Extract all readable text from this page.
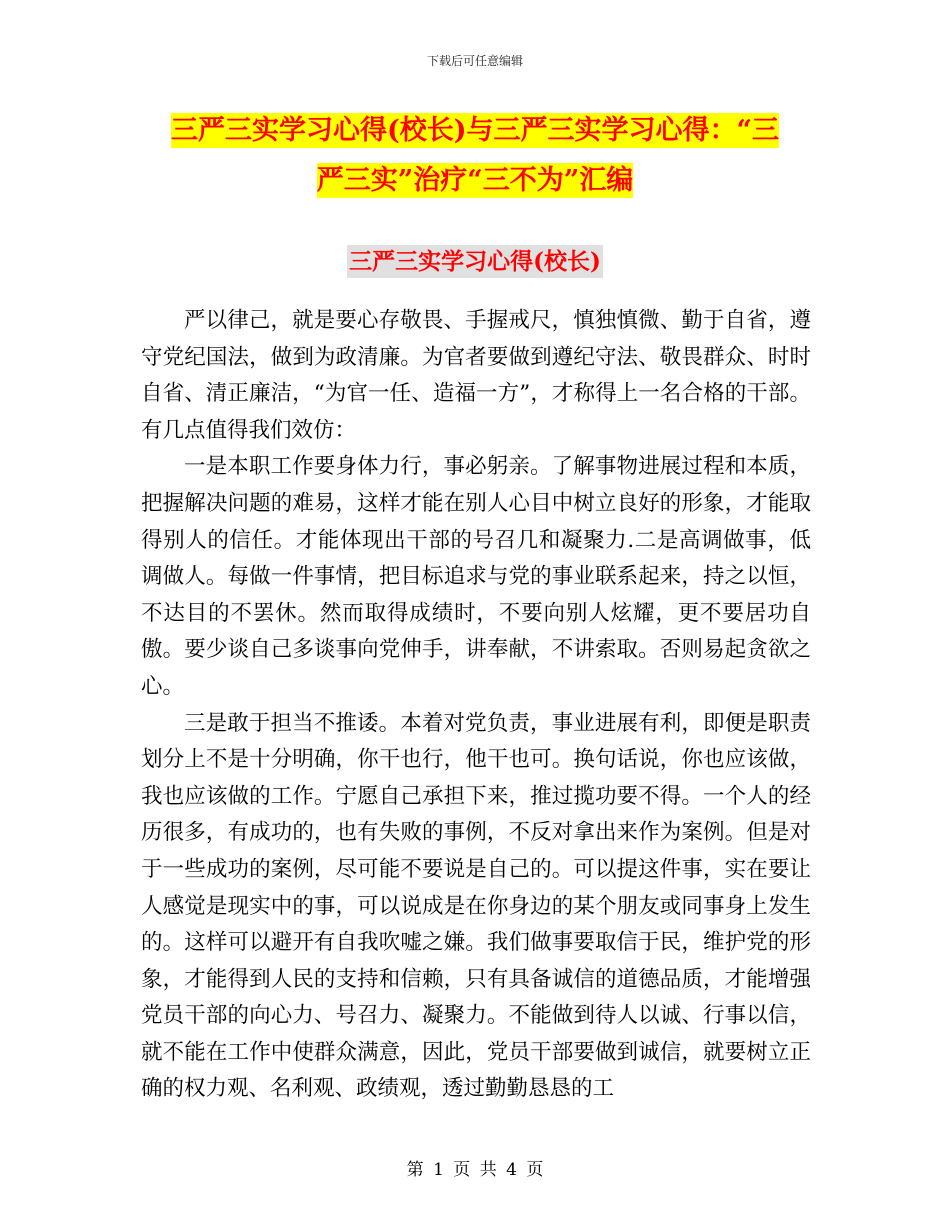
下载后可任意编辑
三严三实学习心得(校长)与三严三实学习心得：“三
严三实”治疗“三不为”汇编
三严三实学习心得(校长)

严以律己，就是要心存敬畏、手握戒尺，慎独慎微、勤于自省，遵守党纪国法，做到为政清廉。为官者要做到遵纪守法、敬畏群众、时时自省、清正廉洁，“为官一任、造福一方”，才称得上一名合格的干部。有几点值得我们效仿：

一是本职工作要身体力行，事必躬亲。了解事物进展过程和本质，把握解决问题的难易，这样才能在别人心目中树立良好的形象，才能取得别人的信任。才能体现出干部的号召几和凝聚力.二是高调做事，低调做人。每做一件事情，把目标追求与党的事业联系起来，持之以恒，不达目的不罢休。然而取得成绩时，不要向别人炫耀，更不要居功自傲。要少谈自己多谈事向党伸手，讲奉献，不讲索取。否则易起贪欲之心。

三是敢于担当不推诿。本着对党负责，事业进展有利，即便是职责划分上不是十分明确，你干也行，他干也可。换句话说，你也应该做，我也应该做的工作。宁愿自己承担下来，推过揽功要不得。一个人的经历很多，有成功的，也有失败的事例，不反对拿出来作为案例。但是对于一些成功的案例，尽可能不要说是自己的。可以提这件事，实在要让人感觉是现实中的事，可以说成是在你身边的某个朋友或同事身上发生的。这样可以避开有自我吹嘘之嫌。我们做事要取信于民，维护党的形象，才能得到人民的支持和信赖，只有具备诚信的道德品质，才能增强党员干部的向心力、号召力、凝聚力。不能做到待人以诚、行事以信，就不能在工作中使群众满意，因此，党员干部要做到诚信，就要树立正确的权力观、名利观、政绩观，透过勤勤恳恳的工

第 1 页 共 4 页
